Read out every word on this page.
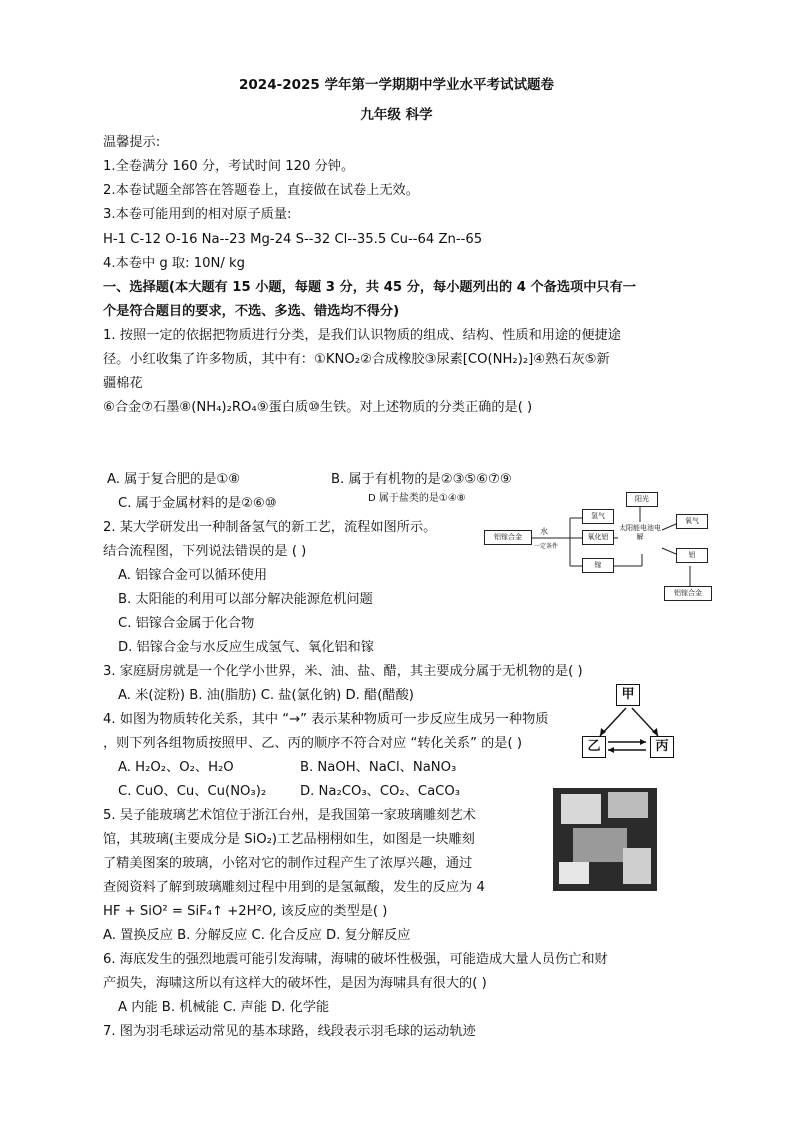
2024-2025 学年第一学期期中学业水平考试试题卷
九年级 科学
温馨提示:
1.全卷满分 160 分，考试时间 120 分钟。
2.本卷试题全部答在答题卷上，直接做在试卷上无效。
3.本卷可能用到的相对原子质量:
H-1 C-12 O-16 Na--23 Mg-24 S--32 Cl--35.5 Cu--64 Zn--65
4.本卷中 g 取: 10N/ kg
一、选择题(本大题有 15 小题，每题 3 分，共 45 分，每小题列出的 4 个备选项中只有一
个是符合题目的要求，不选、多选、错选均不得分)
1. 按照一定的依据把物质进行分类，是我们认识物质的组成、结构、性质和用途的便捷途
径。小红收集了许多物质，其中有：①KNO₂②合成橡胶③尿素[CO(NH₂)₂]④熟石灰⑤新
疆棉花
⑥合金⑦石墨⑧(NH₄)₂RO₄⑨蛋白质⑩生铁。对上述物质的分类正确的是( )
A. 属于复合肥的是①⑧	B. 属于有机物的是②③⑤⑥⑦⑨
C. 属于金属材料的是②⑥⑩	D 属于盐类的是①④⑧
2. 某大学研发出一种制备氢气的新工艺，流程如图所示。
结合流程图，下列说法错误的是 ( )
A. 铝镓合金可以循环使用
B. 太阳能的利用可以部分解决能源危机问题
C. 铝镓合金属于化合物
D. 铝镓合金与水反应生成氢气、氧化铝和镓
铝镓合金
水
一定条件
氢气
氧化铝
镓
阳光
太阳能电池电解
氧气
铝
铝镓合金
3. 家庭厨房就是一个化学小世界，米、油、盐、醋，其主要成分属于无机物的是( )
A. 米(淀粉) B. 油(脂肪) C. 盐(氯化钠) D. 醋(醋酸)
4. 如图为物质转化关系，其中 “→” 表示某种物质可一步反应生成另一种物质
，则下列各组物质按照甲、乙、丙的顺序不符合对应 “转化关系” 的是( )
A. H₂O₂、O₂、H₂O	B. NaOH、NaCl、NaNO₃
C. CuO、Cu、Cu(NO₃)₂	D. Na₂CO₃、CO₂、CaCO₃
甲
乙	丙
5. 吴子能玻璃艺术馆位于浙江台州，是我国第一家玻璃雕刻艺术
馆，其玻璃(主要成分是 SiO₂)工艺品栩栩如生，如图是一块雕刻
了精美图案的玻璃，小铭对它的制作过程产生了浓厚兴趣，通过
查阅资料了解到玻璃雕刻过程中用到的是氢氟酸，发生的反应为 4
HF + SiO² = SiF₄↑ +2H²O, 该反应的类型是( )
A. 置换反应 B. 分解反应 C. 化合反应 D. 复分解反应
6. 海底发生的强烈地震可能引发海啸，海啸的破坏性极强，可能造成大量人员伤亡和财
产损失，海啸这所以有这样大的破坏性，是因为海啸具有很大的( )
A 内能 B. 机械能 C. 声能 D. 化学能
7. 图为羽毛球运动常见的基本球路，线段表示羽毛球的运动轨迹
